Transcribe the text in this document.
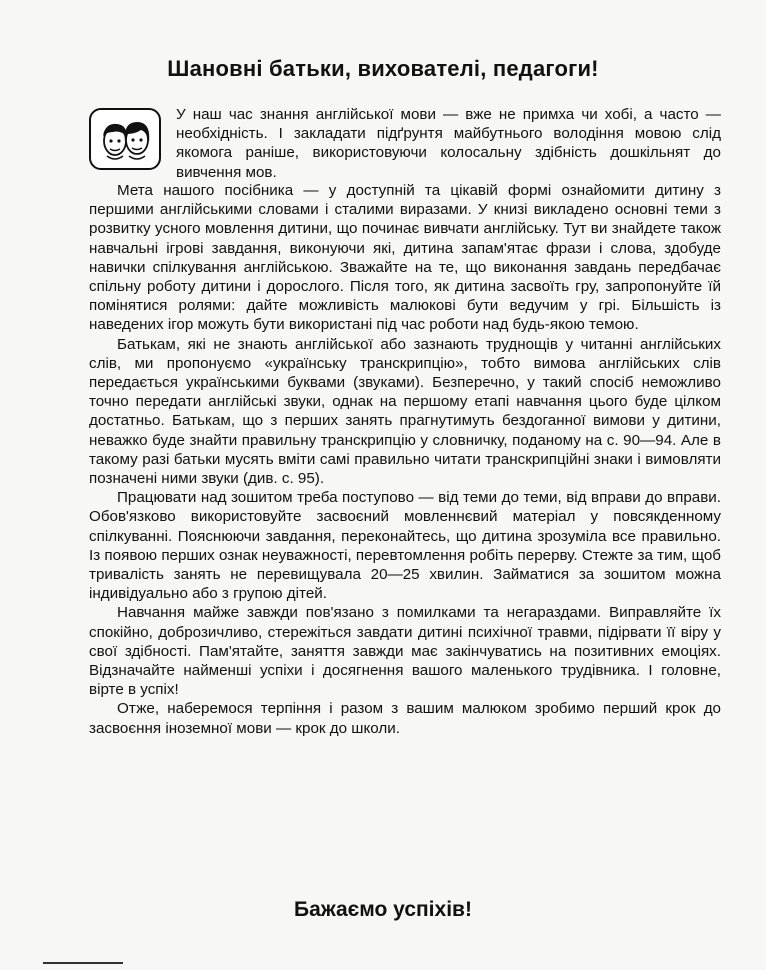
Шановні батьки, вихователі, педагоги!
У наш час знання англійської мови — вже не примха чи хобі, а часто — необхідність. І закладати підґрунтя майбутнього володіння мовою слід якомога раніше, використовуючи колосальну здібність дошкільнят до вивчення мов.

Мета нашого посібника — у доступній та цікавій формі ознайомити дитину з першими англійськими словами і сталими виразами. У книзі викладено основні теми з розвитку усного мовлення дитини, що починає вивчати англійську. Тут ви знайдете також навчальні ігрові завдання, виконуючи які, дитина запам'ятає фрази і слова, здобуде навички спілкування англійською. Зважайте на те, що виконання завдань передбачає спільну роботу дитини і дорослого. Після того, як дитина засвоїть гру, запропонуйте їй помінятися ролями: дайте можливість малюкові бути ведучим у грі. Більшість із наведених ігор можуть бути використані під час роботи над будь-якою темою.

Батькам, які не знають англійської або зазнають труднощів у читанні англійських слів, ми пропонуємо «українську транскрипцію», тобто вимова англійських слів передається українськими буквами (звуками). Безперечно, у такий спосіб неможливо точно передати англійські звуки, однак на першому етапі навчання цього буде цілком достатньо. Батькам, що з перших занять прагнутимуть бездоганної вимови у дитини, неважко буде знайти правильну транскрипцію у словничку, поданому на с. 90—94. Але в такому разі батьки мусять вміти самі правильно читати транскрипційні знаки і вимовляти позначені ними звуки (див. с. 95).

Працювати над зошитом треба поступово — від теми до теми, від вправи до вправи. Обов'язково використовуйте засвоєний мовленнєвий матеріал у повсякденному спілкуванні. Пояснюючи завдання, переконайтесь, що дитина зрозуміла все правильно. Із появою перших ознак неуважності, перевтомлення робіть перерву. Стежте за тим, щоб тривалість занять не перевищувала 20—25 хвилин. Займатися за зошитом можна індивідуально або з групою дітей.

Навчання майже завжди пов'язано з помилками та негараздами. Виправляйте їх спокійно, доброзичливо, стережіться завдати дитині психічної травми, підірвати її віру у свої здібності. Пам'ятайте, заняття завжди має закінчуватись на позитивних емоціях. Відзначайте найменші успіхи і досягнення вашого маленького трудівника. І головне, вірте в успіх!

Отже, наберемося терпіння і разом з вашим малюком зробимо перший крок до засвоєння іноземної мови — крок до школи.

Бажаємо успіхів!
